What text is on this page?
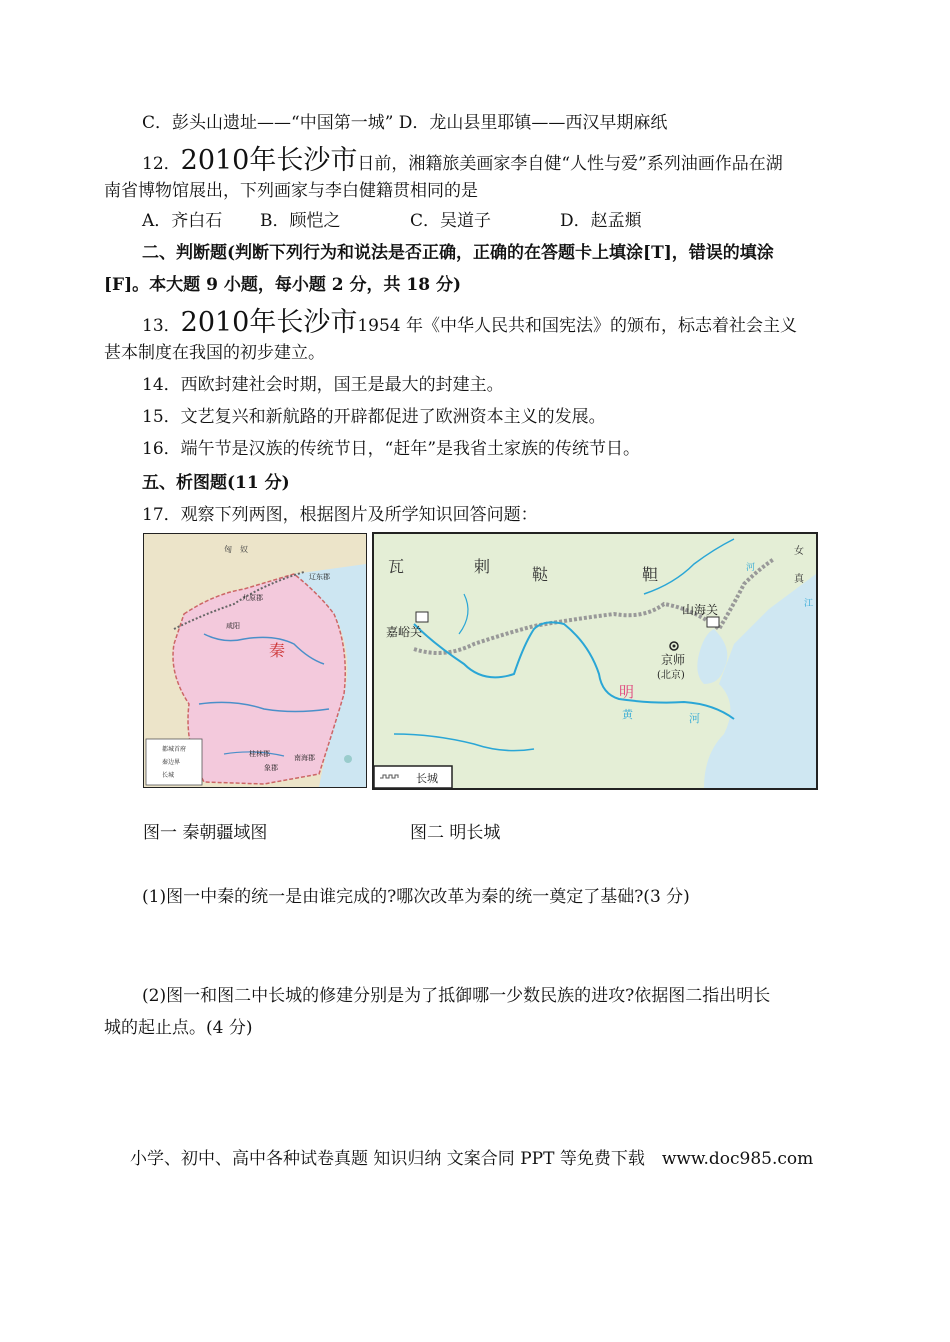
C．彭头山遗址——“中国第一城” D．龙山县里耶镇——西汉早期麻纸
12．2010年长沙市日前，湘籍旅美画家李自健“人性与爱”系列油画作品在湖
南省博物馆展出，下列画家与李白健籍贯相同的是
A．齐白石 B．顾恺之	C．吴道子	D．赵孟頫
二、判断题(判断下列行为和说法是否正确，正确的在答题卡上填涂[T]，错误的填涂
[F]。本大题 9 小题，每小题 2 分，共 18 分)
13．2010年长沙市1954 年《中华人民共和国宪法》的颁布，标志着社会主义
甚本制度在我国的初步建立。
14．西欧封建社会时期，国王是最大的封建主。
15．文艺复兴和新航路的开辟都促进了欧洲资本主义的发展。
16．端午节是汉族的传统节日，“赶年”是我省土家族的传统节日。
五、析图题(11 分)
17．观察下列两图，根据图片及所学知识回答问题：
匈　奴
秦
咸阳
九原郡
辽东郡
桂林郡
象郡
南海郡
都城首府
秦边界
长城
瓦	剌	鞑	靼
女
真
江
嘉峪关
山海关
京师
(北京)
明
黄	河
河
长城
图一 秦朝疆域图	图二 明长城
(1)图一中秦的统一是由谁完成的?哪次改革为秦的统一奠定了基础?(3 分)
(2)图一和图二中长城的修建分别是为了抵御哪一少数民族的进攻?依据图二指出明长
城的起止点。(4 分)
小学、初中、高中各种试卷真题 知识归纳 文案合同 PPT 等免费下载　www.doc985.com
